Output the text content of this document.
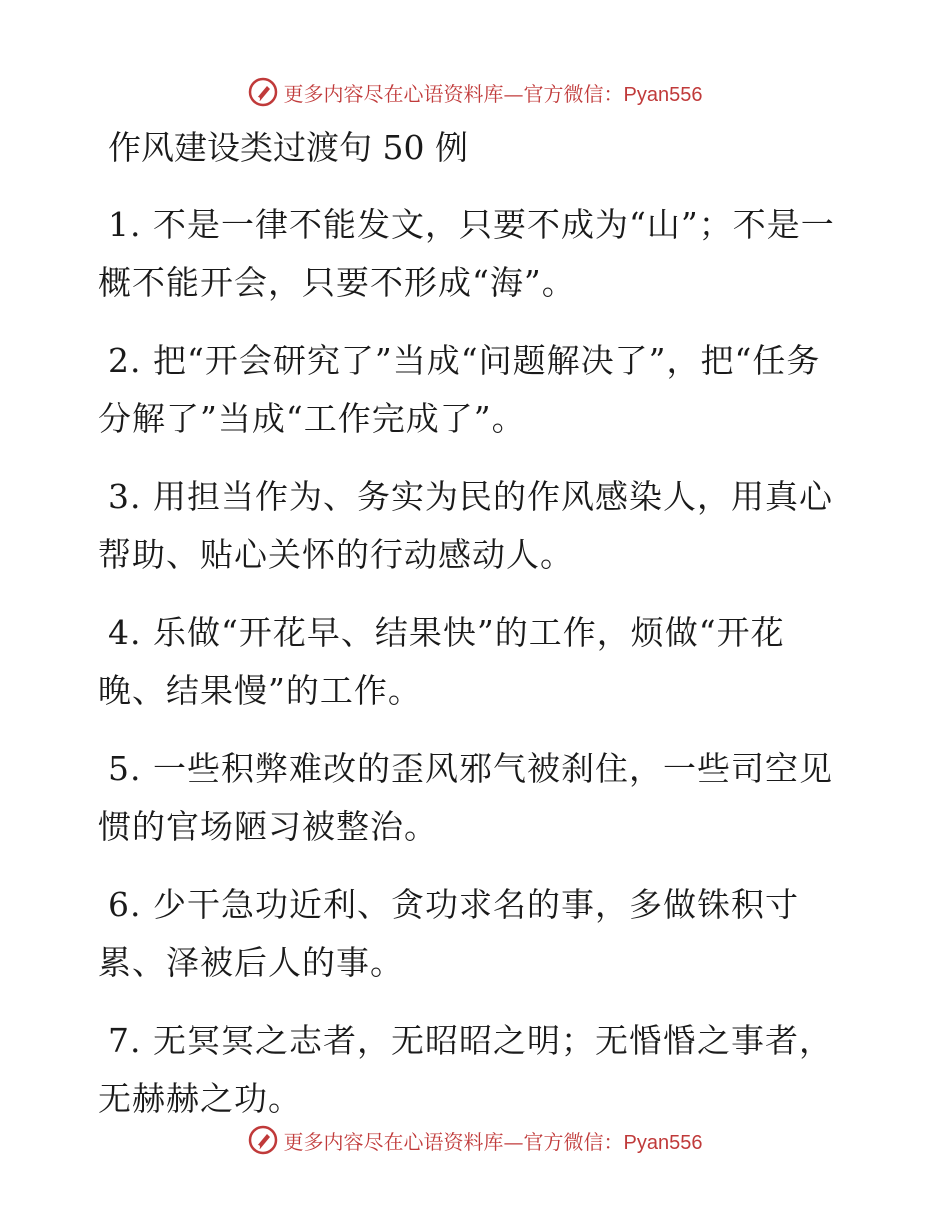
更多内容尽在心语资料库—官方微信：Pyan556
作风建设类过渡句 50 例
1. 不是一律不能发文，只要不成为“山”；不是一概不能开会，只要不形成“海”。
2. 把“开会研究了”当成“问题解决了”，把“任务分解了”当成“工作完成了”。
3. 用担当作为、务实为民的作风感染人，用真心帮助、贴心关怀的行动感动人。
4. 乐做“开花早、结果快”的工作，烦做“开花晚、结果慢”的工作。
5. 一些积弊难改的歪风邪气被刹住，一些司空见惯的官场陋习被整治。
6. 少干急功近利、贪功求名的事，多做铢积寸累、泽被后人的事。
7. 无冥冥之志者，无昭昭之明；无惛惛之事者，无赫赫之功。
更多内容尽在心语资料库—官方微信：Pyan556
